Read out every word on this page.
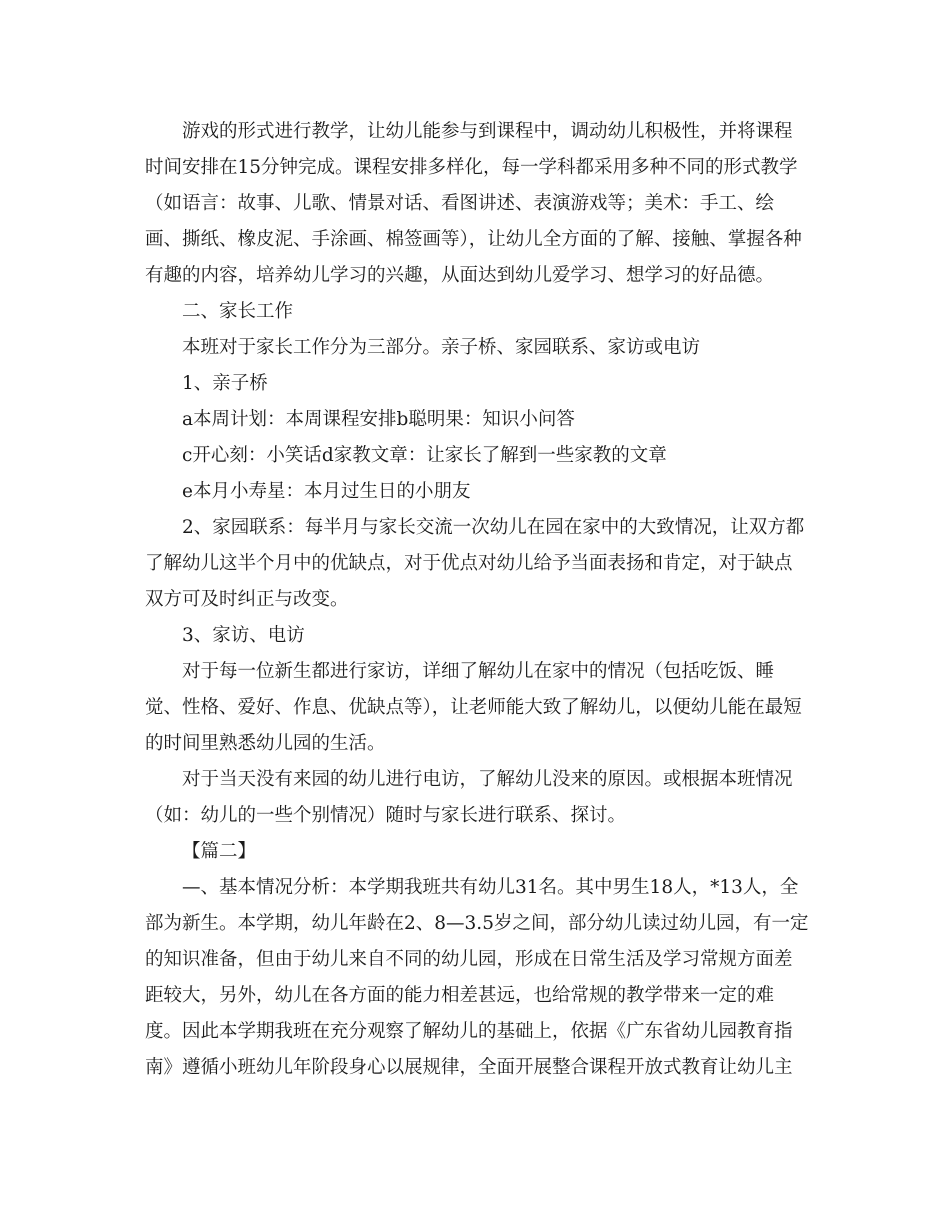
　　游戏的形式进行教学，让幼儿能参与到课程中，调动幼儿积极性，并将课程时间安排在15分钟完成。课程安排多样化，每一学科都采用多种不同的形式教学（如语言：故事、儿歌、情景对话、看图讲述、表演游戏等；美术：手工、绘画、撕纸、橡皮泥、手涂画、棉签画等），让幼儿全方面的了解、接触、掌握各种有趣的内容，培养幼儿学习的兴趣，从面达到幼儿爱学习、想学习的好品德。

二、家长工作

本班对于家长工作分为三部分。亲子桥、家园联系、家访或电访

1、亲子桥

a本周计划：本周课程安排b聪明果：知识小问答

c开心刻：小笑话d家教文章：让家长了解到一些家教的文章

e本月小寿星：本月过生日的小朋友

2、家园联系：每半月与家长交流一次幼儿在园在家中的大致情况，让双方都了解幼儿这半个月中的优缺点，对于优点对幼儿给予当面表扬和肯定，对于缺点双方可及时纠正与改变。

3、家访、电访

对于每一位新生都进行家访，详细了解幼儿在家中的情况（包括吃饭、睡觉、性格、爱好、作息、优缺点等），让老师能大致了解幼儿，以便幼儿能在最短的时间里熟悉幼儿园的生活。

对于当天没有来园的幼儿进行电访，了解幼儿没来的原因。或根据本班情况（如：幼儿的一些个别情况）随时与家长进行联系、探讨。

【篇二】

—、基本情况分析：本学期我班共有幼儿31名。其中男生18人，*13人，全部为新生。本学期，幼儿年龄在2、8—3.5岁之间，部分幼儿读过幼儿园，有一定的知识准备，但由于幼儿来自不同的幼儿园，形成在日常生活及学习常规方面差距较大，另外，幼儿在各方面的能力相差甚远，也给常规的教学带来一定的难度。因此本学期我班在充分观察了解幼儿的基础上，依据《广东省幼儿园教育指南》遵循小班幼儿年阶段身心以展规律，全面开展整合课程开放式教育让幼儿主
